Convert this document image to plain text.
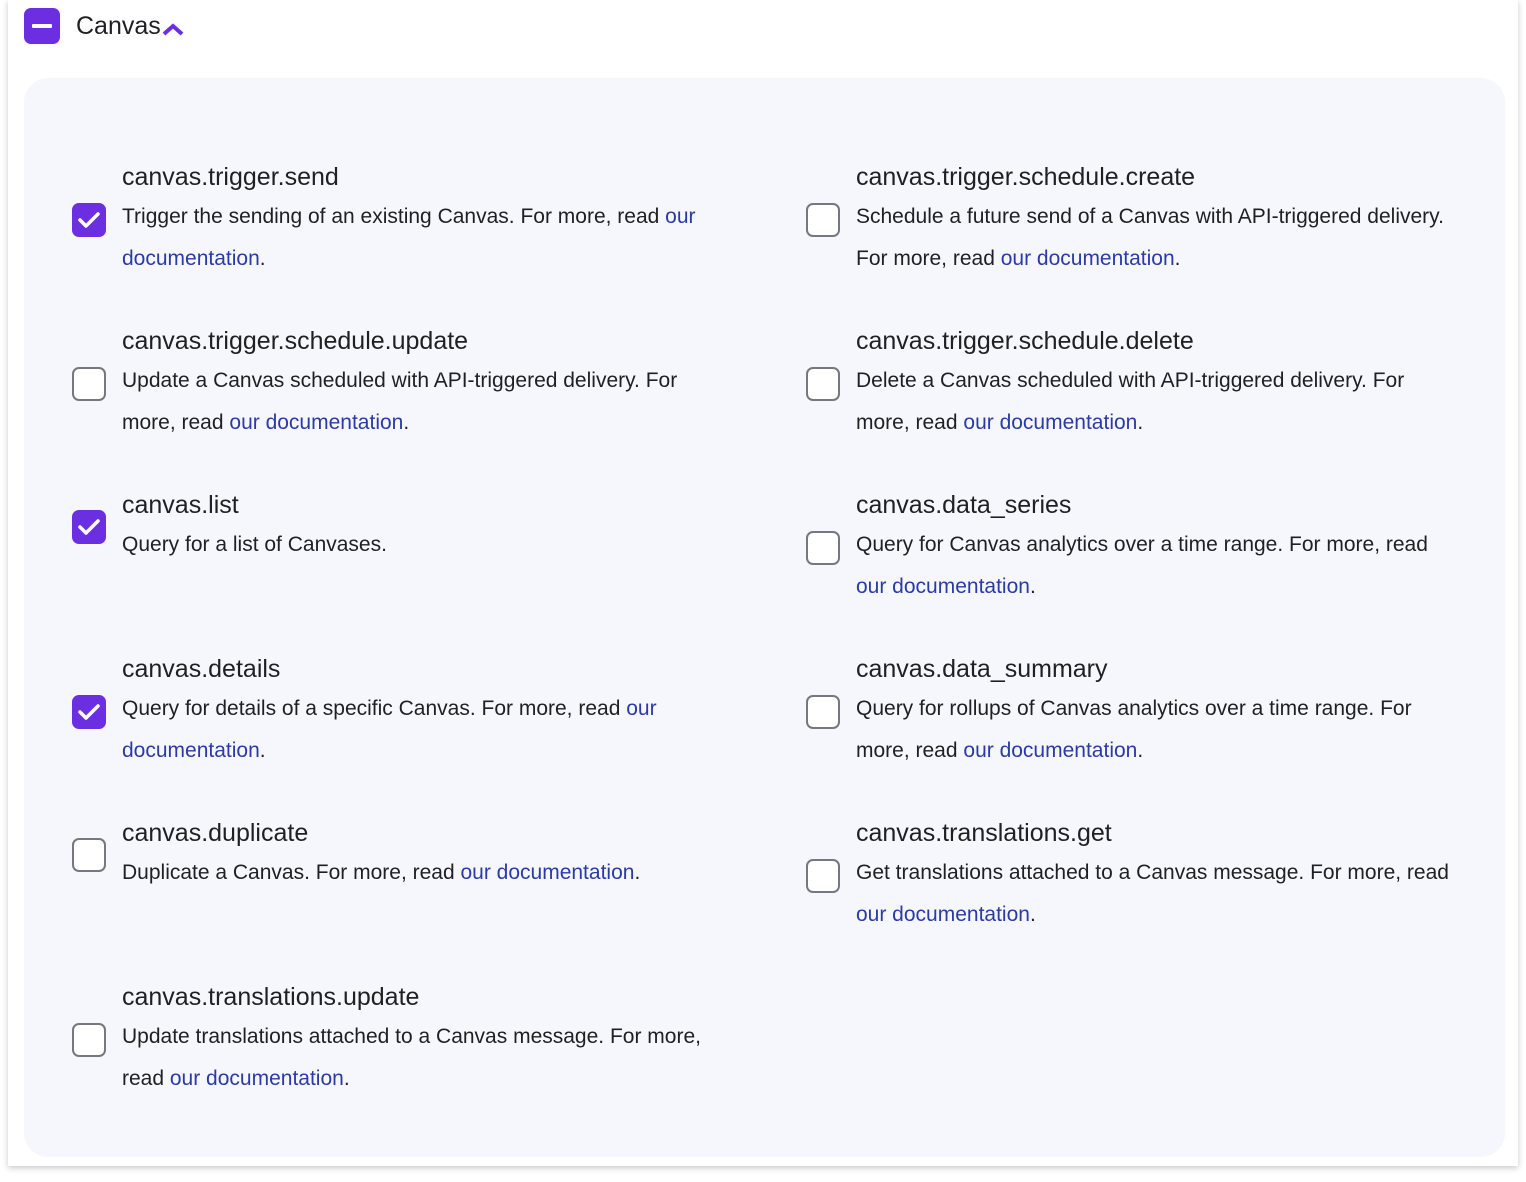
Canvas
canvas.trigger.send
Trigger the sending of an existing Canvas. For more, read our documentation.
canvas.trigger.schedule.create
Schedule a future send of a Canvas with API-triggered delivery. For more, read our documentation.
canvas.trigger.schedule.update
Update a Canvas scheduled with API-triggered delivery. For more, read our documentation.
canvas.trigger.schedule.delete
Delete a Canvas scheduled with API-triggered delivery. For more, read our documentation.
canvas.list
Query for a list of Canvases.
canvas.data_series
Query for Canvas analytics over a time range. For more, read our documentation.
canvas.details
Query for details of a specific Canvas. For more, read our documentation.
canvas.data_summary
Query for rollups of Canvas analytics over a time range. For more, read our documentation.
canvas.duplicate
Duplicate a Canvas. For more, read our documentation.
canvas.translations.get
Get translations attached to a Canvas message. For more, read our documentation.
canvas.translations.update
Update translations attached to a Canvas message. For more, read our documentation.
